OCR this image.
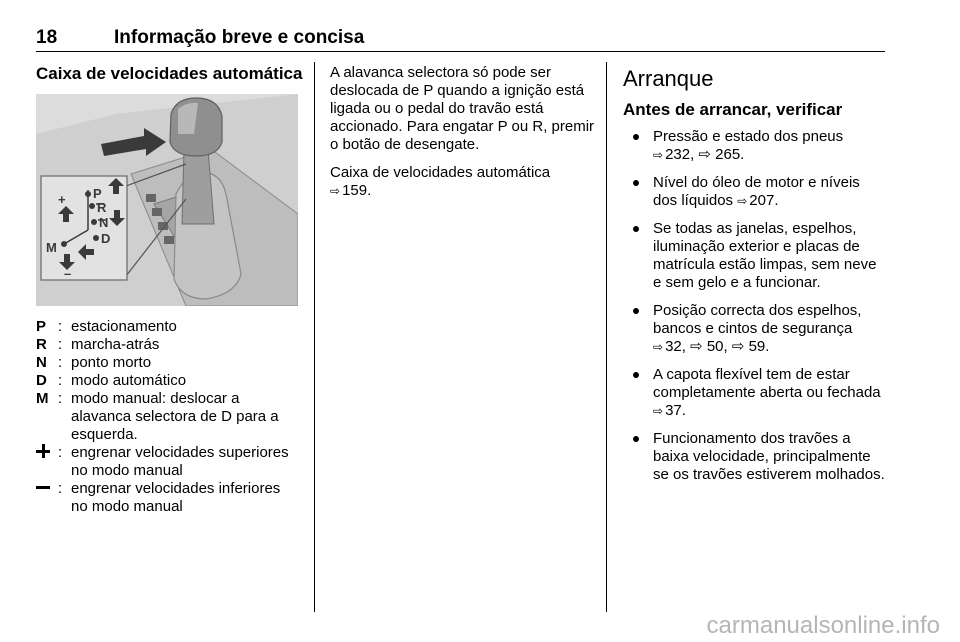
18	Informação breve e concisa
Caixa de velocidades automática
P
R
N
D
M
+
–
P : estacionamento
R : marcha-atrás
N : ponto morto
D : modo automático
M : modo manual: deslocar a alavanca selectora de D para a esquerda.
: engrenar velocidades superiores no modo manual
: engrenar velocidades inferiores no modo manual

A alavanca selectora só pode ser deslocada de P quando a ignição está ligada ou o pedal do travão está accionado. Para engatar P ou R, premir o botão de desengate.

Caixa de velocidades automática
⇨ 159.

Arranque
Antes de arrancar, verificar
Pressão e estado dos pneus
⇨ 232, ⇨ 265.
Nível do óleo de motor e níveis dos líquidos ⇨ 207.
Se todas as janelas, espelhos, iluminação exterior e placas de matrícula estão limpas, sem neve e sem gelo e a funcionar.
Posição correcta dos espelhos, bancos e cintos de segurança
⇨ 32, ⇨ 50, ⇨ 59.
A capota flexível tem de estar completamente aberta ou fechada ⇨ 37.
Funcionamento dos travões a baixa velocidade, principalmente se os travões estiverem molhados.
carmanualsonline.info
